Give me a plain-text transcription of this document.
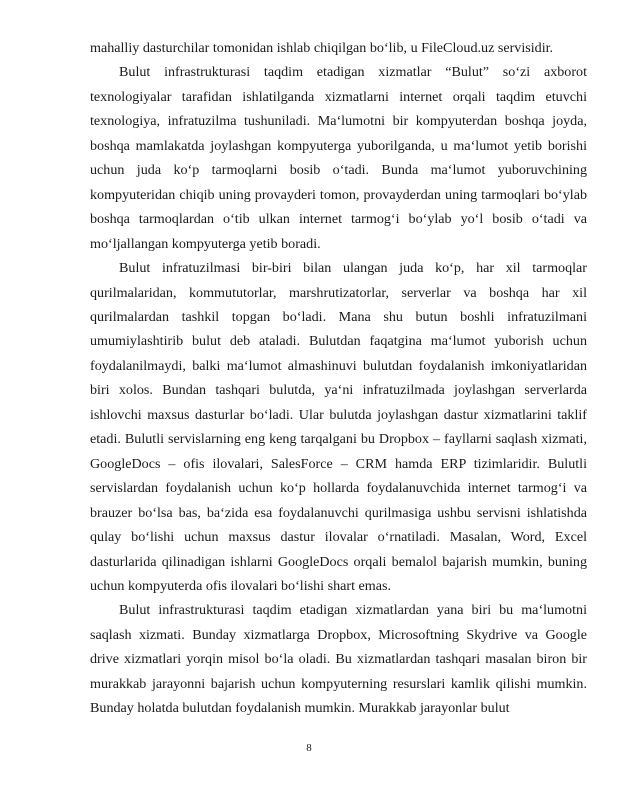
mahalliy dasturchilar tomonidan ishlab chiqilgan bo‘lib, u FileCloud.uz servisidir.

Bulut infrastrukturasi taqdim etadigan xizmatlar “Bulut” so‘zi axborot texnologiyalar tarafidan ishlatilganda xizmatlarni internet orqali taqdim etuvchi texnologiya, infratuzilma tushuniladi. Ma‘lumotni bir kompyuterdan boshqa joyda, boshqa mamlakatda joylashgan kompyuterga yuborilganda, u ma‘lumot yetib borishi uchun juda ko‘p tarmoqlarni bosib o‘tadi. Bunda ma‘lumot yuboruvchining kompyuteridan chiqib uning provayderi tomon, provayderdan uning tarmoqlari bo‘ylab boshqa tarmoqlardan o‘tib ulkan internet tarmog‘i bo‘ylab yo‘l bosib o‘tadi va mo‘ljallangan kompyuterga yetib boradi.

Bulut infratuzilmasi bir-biri bilan ulangan juda ko‘p, har xil tarmoqlar qurilmalaridan, kommututorlar, marshrutizatorlar, serverlar va boshqa har xil qurilmalardan tashkil topgan bo‘ladi. Mana shu butun boshli infratuzilmani umumiylashtirib bulut deb ataladi. Bulutdan faqatgina ma‘lumot yuborish uchun foydalanilmaydi, balki ma‘lumot almashinuvi bulutdan foydalanish imkoniyatlaridan biri xolos. Bundan tashqari bulutda, ya‘ni infratuzilmada joylashgan serverlarda ishlovchi maxsus dasturlar bo‘ladi. Ular bulutda joylashgan dastur xizmatlarini taklif etadi. Bulutli servislarning eng keng tarqalgani bu Dropbox – fayllarni saqlash xizmati, GoogleDocs – ofis ilovalari, SalesForce – CRM hamda ERP tizimlaridir. Bulutli servislardan foydalanish uchun ko‘p hollarda foydalanuvchida internet tarmog‘i va brauzer bo‘lsa bas, ba‘zida esa foydalanuvchi qurilmasiga ushbu servisni ishlatishda qulay bo‘lishi uchun maxsus dastur ilovalar o‘rnatiladi. Masalan, Word, Excel dasturlarida qilinadigan ishlarni GoogleDocs orqali bemalol bajarish mumkin, buning uchun kompyuterda ofis ilovalari bo‘lishi shart emas.

Bulut infrastrukturasi taqdim etadigan xizmatlardan yana biri bu ma‘lumotni saqlash xizmati. Bunday xizmatlarga Dropbox, Microsoftning Skydrive va Google drive xizmatlari yorqin misol bo‘la oladi. Bu xizmatlardan tashqari masalan biron bir murakkab jarayonni bajarish uchun kompyuterning resurslari kamlik qilishi mumkin. Bunday holatda bulutdan foydalanish mumkin. Murakkab jarayonlar bulut

8
